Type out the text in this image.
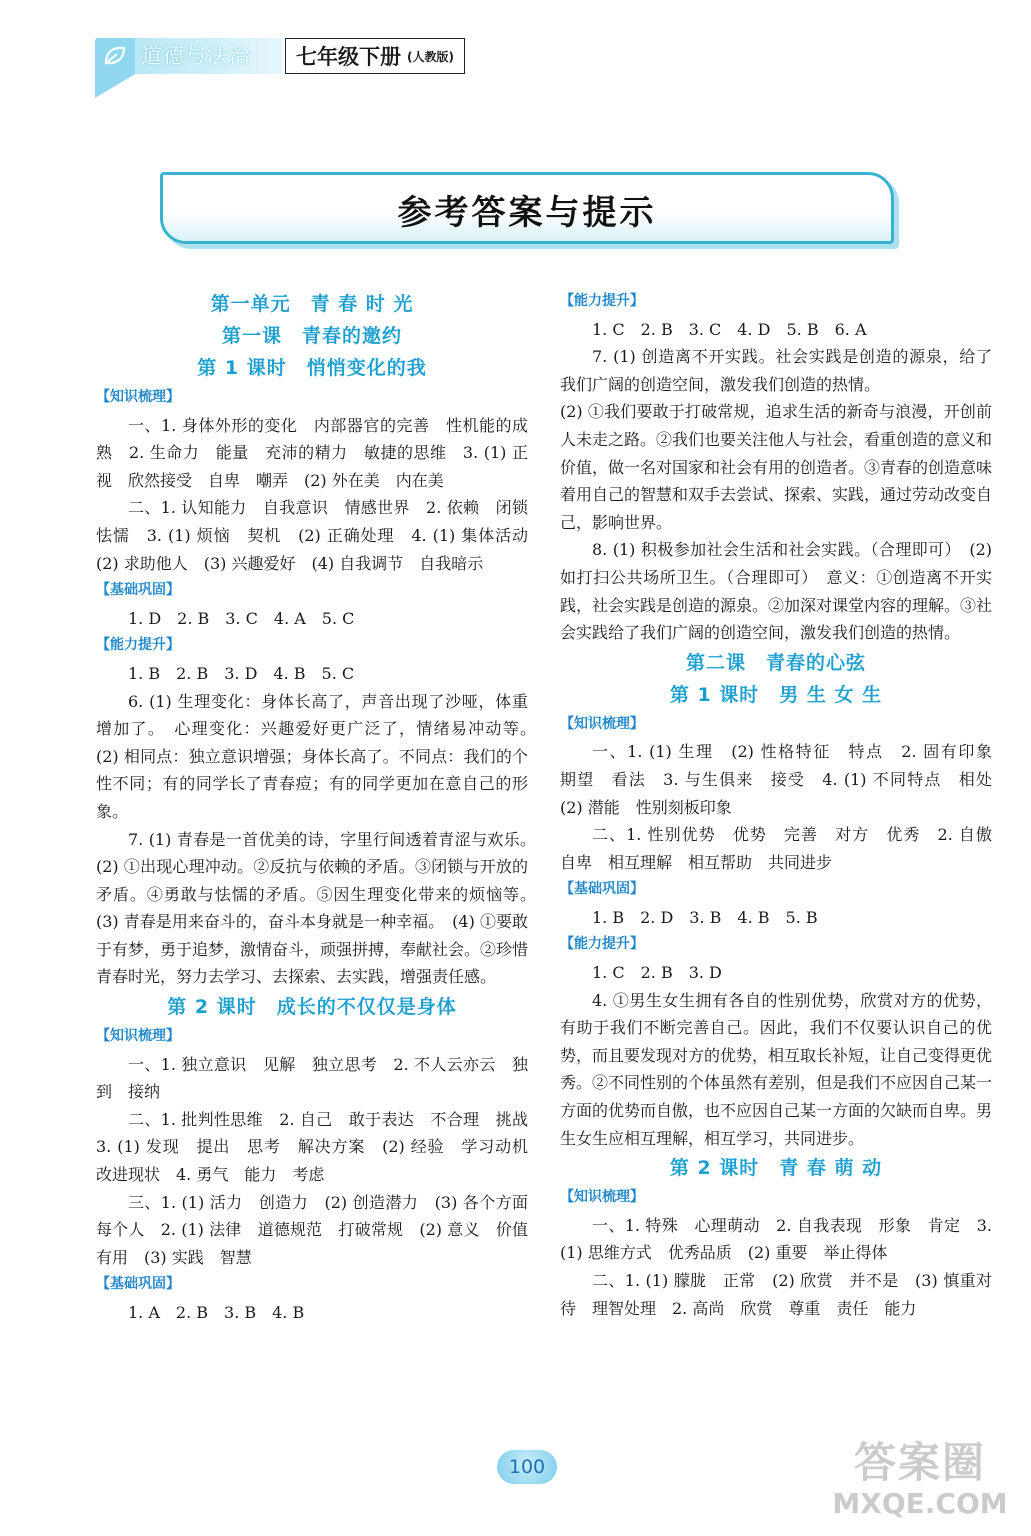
道德与法治	七年级下册 (人教版)
参考答案与提示
第一单元　青 春 时 光
第一课　青春的邀约
第 1 课时　悄悄变化的我
【知识梳理】
一、1. 身体外形的变化　内部器官的完善　性机能的成熟　2. 生命力　能量　充沛的精力　敏捷的思维　3. (1) 正视　欣然接受　自卑　嘲弄　(2) 外在美　内在美
二、1. 认知能力　自我意识　情感世界　2. 依赖　闭锁　怯懦　3. (1) 烦恼　契机　(2) 正确处理　4. (1) 集体活动　(2) 求助他人　(3) 兴趣爱好　(4) 自我调节　自我暗示
【基础巩固】
1. D　2. B　3. C　4. A　5. C
【能力提升】
1. B　2. B　3. D　4. B　5. C
6. (1) 生理变化：身体长高了，声音出现了沙哑，体重增加了。　心理变化：兴趣爱好更广泛了，情绪易冲动等。　(2) 相同点：独立意识增强；身体长高了。不同点：我们的个性不同；有的同学长了青春痘；有的同学更加在意自己的形象。
7. (1) 青春是一首优美的诗，字里行间透着青涩与欢乐。　(2) ①出现心理冲动。②反抗与依赖的矛盾。③闭锁与开放的矛盾。④勇敢与怯懦的矛盾。⑤因生理变化带来的烦恼等。　(3) 青春是用来奋斗的，奋斗本身就是一种幸福。　(4) ①要敢于有梦，勇于追梦，激情奋斗，顽强拼搏，奉献社会。②珍惜青春时光，努力去学习、去探索、去实践，增强责任感。
第 2 课时　成长的不仅仅是身体
【知识梳理】
一、1. 独立意识　见解　独立思考　2. 不人云亦云　独到　接纳
二、1. 批判性思维　2. 自己　敢于表达　不合理　挑战　3. (1) 发现　提出　思考　解决方案　(2) 经验　学习动机　改进现状　4. 勇气　能力　考虑
三、1. (1) 活力　创造力　(2) 创造潜力　(3) 各个方面　每个人　2. (1) 法律　道德规范　打破常规　(2) 意义　价值　有用　(3) 实践　智慧
【基础巩固】
1. A　2. B　3. B　4. B
【能力提升】
1. C　2. B　3. C　4. D　5. B　6. A
7. (1) 创造离不开实践。社会实践是创造的源泉，给了我们广阔的创造空间，激发我们创造的热情。
(2) ①我们要敢于打破常规，追求生活的新奇与浪漫，开创前人未走之路。②我们也要关注他人与社会，看重创造的意义和价值，做一名对国家和社会有用的创造者。③青春的创造意味着用自己的智慧和双手去尝试、探索、实践，通过劳动改变自己，影响世界。
8. (1) 积极参加社会生活和社会实践。（合理即可）　(2) 如打扫公共场所卫生。（合理即可）　意义：①创造离不开实践，社会实践是创造的源泉。②加深对课堂内容的理解。③社会实践给了我们广阔的创造空间，激发我们创造的热情。
第二课　青春的心弦
第 1 课时　男 生 女 生
【知识梳理】
一、1. (1) 生理　(2) 性格特征　特点　2. 固有印象　期望　看法　3. 与生俱来　接受　4. (1) 不同特点　相处　(2) 潜能　性别刻板印象
二、1. 性别优势　优势　完善　对方　优秀　2. 自傲　自卑　相互理解　相互帮助　共同进步
【基础巩固】
1. B　2. D　3. B　4. B　5. B
【能力提升】
1. C　2. B　3. D
4. ①男生女生拥有各自的性别优势，欣赏对方的优势，有助于我们不断完善自己。因此，我们不仅要认识自己的优势，而且要发现对方的优势，相互取长补短，让自己变得更优秀。②不同性别的个体虽然有差别，但是我们不应因自己某一方面的优势而自傲，也不应因自己某一方面的欠缺而自卑。男生女生应相互理解，相互学习，共同进步。
第 2 课时　青 春 萌 动
【知识梳理】
一、1. 特殊　心理萌动　2. 自我表现　形象　肯定　3. (1) 思维方式　优秀品质　(2) 重要　举止得体
二、1. (1) 朦胧　正常　(2) 欣赏　并不是　(3) 慎重对待　理智处理　2. 高尚　欣赏　尊重　责任　能力
100	答案圈
MXQE.COM
